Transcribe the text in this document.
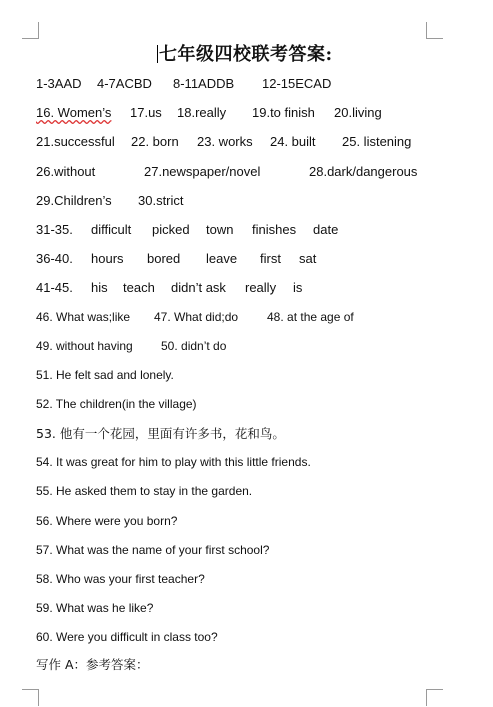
七年级四校联考答案:
1-3AAD 4-7ACBD 8-11ADDB 12-15ECAD
16. Women’s 17.us 18.really 19.to finish 20.living
21.successful 22. born 23. works 24. built 25. listening
26.without	27.newspaper/novel	28.dark/dangerous
29.Children’s 30.strict
31-35. difficult picked town finishes date
36-40. hours bored leave first sat
41-45. his teach didn’t ask really is
46. What was;like 47. What did;do 48. at the age of
49. without having 50. didn’t do
51. He felt sad and lonely.
52. The children(in the village)
53. 他有一个花园，里面有许多书，花和鸟。
54. It was great for him to play with this little friends.
55. He asked them to stay in the garden.
56. Where were you born?
57. What was the name of your first school?
58. Who was your first teacher?
59. What was he like?
60. Were you difficult in class too?
写作 A：参考答案：
